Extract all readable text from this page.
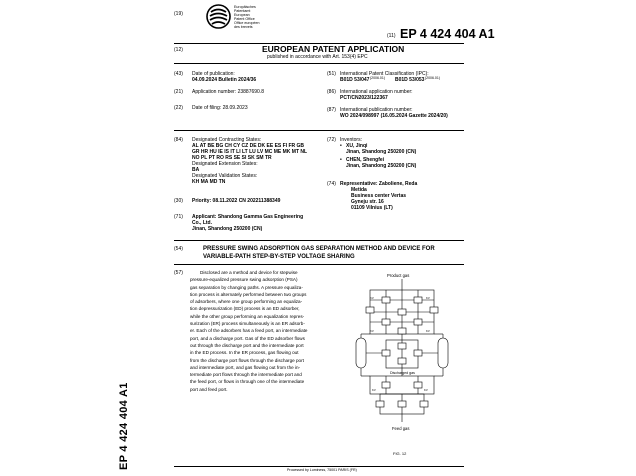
(19)
Europäisches
Patentamt
European
Patent Office
Office européen
des brevets
(11) EP 4 424 404 A1
(12)	EUROPEAN PATENT APPLICATION
published in accordance with Art. 153(4) EPC
(43) Date of publication:
04.09.2024 Bulletin 2024/36
(21) Application number: 23887690.8
(22) Date of filing: 28.09.2023
(51) International Patent Classification (IPC):
B01D 53/047 (2006.01) B01D 53/053 (2006.01)
(86) International application number:
PCT/CN2023/122367
(87) International publication number:
WO 2024/098997 (16.05.2024 Gazette 2024/20)
(84) Designated Contracting States:
AL AT BE BG CH CY CZ DE DK EE ES FI FR GB
GR HR HU IE IS IT LI LT LU LV MC ME MK MT NL
NO PL PT RO RS SE SI SK SM TR
Designated Extension States:
BA
Designated Validation States:
KH MA MD TN
(30) Priority: 08.11.2022 CN 202211388349
(71) Applicant: Shandong Gamma Gas Engineering
Co., Ltd.
Jinan, Shandong 250200 (CN)
(72) Inventors:
• XU, Jinqi
Jinan, Shandong 250200 (CN)
• CHEN, Shengfei
Jinan, Shandong 250200 (CN)
(74) Representative: Zaboliene, Reda
Metida
Business center Vertas
Gyneju str. 16
01109 Vilnius (LT)
(54)	PRESSURE SWING ADSORPTION GAS SEPARATION METHOD AND DEVICE FOR
VARIABLE-PATH STEP-BY-STEP VOLTAGE SHARING
(57)	Disclosed are a method and device for stepwise
pressure-equalized pressure swing adsorption (PSA)
gas separation by changing paths. A pressure equaliza-
tion process is alternately performed between two groups
of adsorbers, where one group performing an equaliza-
tion depressurization (ED) process is an ED adsorber,
while the other group performing an equalization repres-
surization (ER) process simultaneously is an ER adsorb-
er. Each of the adsorbers has a feed port, an intermediate
port, and a discharge port. Gas of the ED adsorber flows
out through the discharge port and the intermediate port
in the ED process. In the ER process, gas flowing out
from the discharge port flows through the discharge port
and intermediate port, and gas flowing out from the in-
termediate port flows through the intermediate port and
the feed port, or flows in through one of the intermediate
port and feed port.
Product gas
Discharged gas
Feed gas
KV	KV
KV	KV
KV	KV
FIG. 12
EP 4 424 404 A1	Processed by Luminess, 75001 PARIS (FR)
